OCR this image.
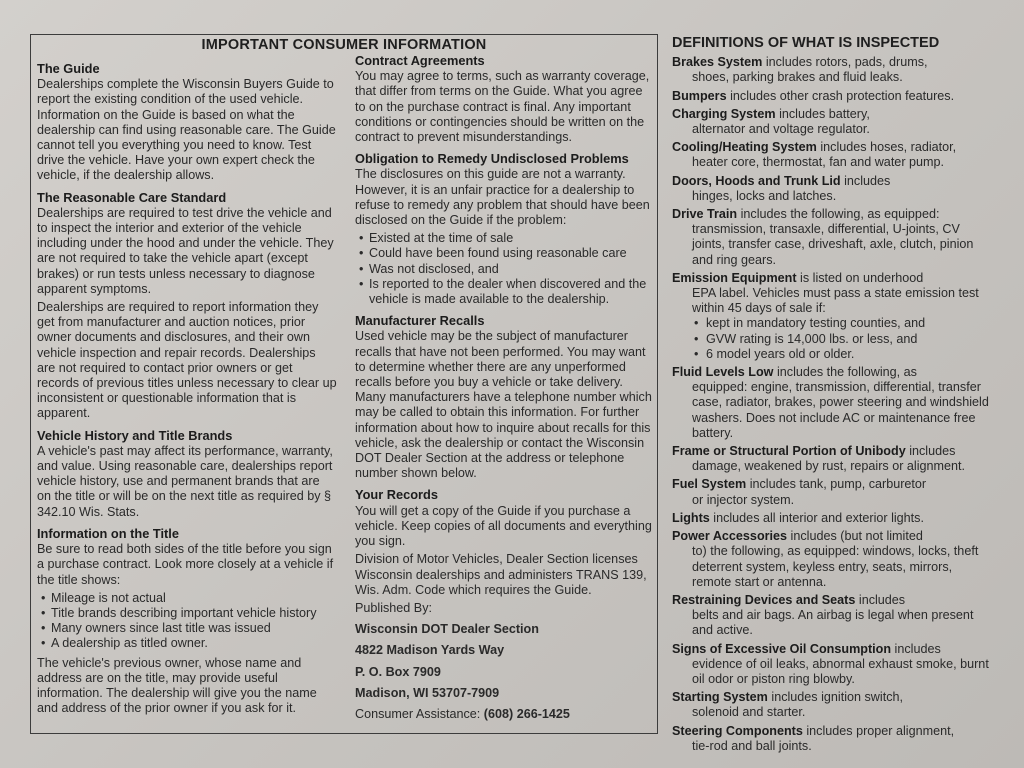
IMPORTANT CONSUMER INFORMATION
The Guide

Dealerships complete the Wisconsin Buyers Guide to report the existing condition of the used vehicle. Information on the Guide is based on what the dealership can find using reasonable care. The Guide cannot tell you everything you need to know. Test drive the vehicle. Have your own expert check the vehicle, if the dealership allows.

The Reasonable Care Standard

Dealerships are required to test drive the vehicle and to inspect the interior and exterior of the vehicle including under the hood and under the vehicle. They are not required to take the vehicle apart (except brakes) or run tests unless necessary to diagnose apparent symptoms.

Dealerships are required to report information they get from manufacturer and auction notices, prior owner documents and disclosures, and their own vehicle inspection and repair records. Dealerships are not required to contact prior owners or get records of previous titles unless necessary to clear up inconsistent or questionable information that is apparent.

Vehicle History and Title Brands

A vehicle's past may affect its performance, warranty, and value. Using reasonable care, dealerships report vehicle history, use and permanent brands that are on the title or will be on the next title as required by § 342.10 Wis. Stats.

Information on the Title

Be sure to read both sides of the title before you sign a purchase contract. Look more closely at a vehicle if the title shows:

• Mileage is not actual
• Title brands describing important vehicle history
• Many owners since last title was issued
• A dealership as titled owner.

The vehicle's previous owner, whose name and address are on the title, may provide useful information. The dealership will give you the name and address of the prior owner if you ask for it.

Contract Agreements

You may agree to terms, such as warranty coverage, that differ from terms on the Guide. What you agree to on the purchase contract is final. Any important conditions or contingencies should be written on the contract to prevent misunderstandings.

Obligation to Remedy Undisclosed Problems

The disclosures on this guide are not a warranty. However, it is an unfair practice for a dealership to refuse to remedy any problem that should have been disclosed on the Guide if the problem:

• Existed at the time of sale
• Could have been found using reasonable care
• Was not disclosed, and
• Is reported to the dealer when discovered and the vehicle is made available to the dealership.
Manufacturer Recalls

Used vehicle may be the subject of manufacturer recalls that have not been performed. You may want to determine whether there are any unperformed recalls before you buy a vehicle or take delivery. Many manufacturers have a telephone number which may be called to obtain this information. For further information about how to inquire about recalls for this vehicle, ask the dealership or contact the Wisconsin DOT Dealer Section at the address or telephone number shown below.

Your Records

You will get a copy of the Guide if you purchase a vehicle. Keep copies of all documents and everything you sign.

Division of Motor Vehicles, Dealer Section licenses Wisconsin dealerships and administers TRANS 139, Wis. Adm. Code which requires the Guide.

Published By:

Wisconsin DOT Dealer Section

4822 Madison Yards Way

P. O. Box 7909

Madison, WI 53707-7909

Consumer Assistance: (608) 266-1425

DEFINITIONS OF WHAT IS INSPECTED
Brakes System includes rotors, pads, drums,
shoes, parking brakes and fluid leaks.
Bumpers includes other crash protection features.
Charging System includes battery,
alternator and voltage regulator.
Cooling/Heating System includes hoses, radiator,
heater core, thermostat, fan and water pump.
Doors, Hoods and Trunk Lid includes
hinges, locks and latches.
Drive Train includes the following, as equipped:
transmission, transaxle, differential, U-joints, CV joints, transfer case, driveshaft, axle, clutch, pinion and ring gears.
Emission Equipment is listed on underhood
EPA label. Vehicles must pass a state emission test within 45 days of sale if:
• kept in mandatory testing counties, and
• GVW rating is 14,000 lbs. or less, and
• 6 model years old or older.
Fluid Levels Low includes the following, as
equipped: engine, transmission, differential, transfer case, radiator, brakes, power steering and windshield washers. Does not include AC or maintenance free battery.
Frame or Structural Portion of Unibody includes
damage, weakened by rust, repairs or alignment.
Fuel System includes tank, pump, carburetor
or injector system.
Lights includes all interior and exterior lights.
Power Accessories includes (but not limited
to) the following, as equipped: windows, locks, theft deterrent system, keyless entry, seats, mirrors, remote start or antenna.
Restraining Devices and Seats includes
belts and air bags. An airbag is legal when present and active.
Signs of Excessive Oil Consumption includes
evidence of oil leaks, abnormal exhaust smoke, burnt oil odor or piston ring blowby.
Starting System includes ignition switch,
solenoid and starter.
Steering Components includes proper alignment,
tie-rod and ball joints.
